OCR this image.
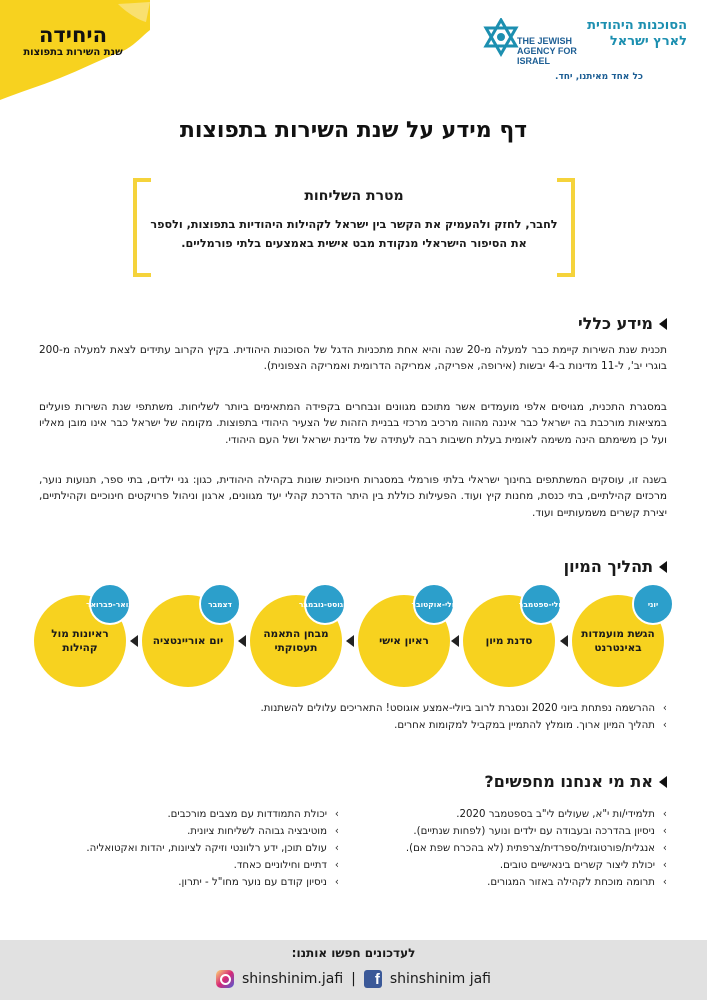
היחידה
שנת השירות בתפוצות
הסוכנות היהודית
לארץ ישראל
THE JEWISH AGENCY FOR ISRAEL
כל אחד מאיתנו, יחד.
דף מידע על שנת השירות בתפוצות
מטרת השליחות

לחבר, לחזק ולהעמיק את הקשר בין ישראל לקהילות היהודיות בתפוצות, ולספר את הסיפור הישראלי מנקודת מבט אישית באמצעים בלתי פורמליים.

מידע כללי

תכנית שנת השירות קיימת כבר למעלה מ-20 שנה והיא אחת מתכניות הדגל של הסוכנות היהודית. בקיץ הקרוב עתידים לצאת למעלה מ-200 בוגרי יב', ל-11 מדינות ב-4 יבשות (אירופה, אפריקה, אמריקה הדרומית ואמריקה הצפונית).

במסגרת התכנית, מגויסים אלפי מועמדים אשר מתוכם מגוונים ונבחרים בקפידה המתאימים ביותר לשליחות. משתתפי שנת השירות פועלים במציאות מורכבת בה ישראל כבר איננה מהווה מרכיב מרכזי בבניית הזהות של הצעיר היהודי בתפוצות. מקומה של ישראל כבר אינו מובן מאליו ועל כן משימתם הינה משימה לאומית בעלת חשיבות רבה לעתידה של מדינת ישראל ושל העם היהודי.

בשנה זו, עוסקים המשתתפים בחינוך ישראלי בלתי פורמלי במסגרות חינוכיות שונות בקהילה היהודית, כגון: גני ילדים, בתי ספר, תנועות נוער, מרכזים קהילתיים, בתי כנסת, מחנות קיץ ועוד. הפעילות כוללת בין היתר הדרכת קהלי יעד מגוונים, ארגון וניהול פרויקטים חינוכיים וקהילתיים, יצירת קשרים משמעותיים ועוד.

תהליך המיון
הגשת מועמדות באינטרנט
יוני
סדנת מיון
יולי-ספטמבר
ראיון אישי
יולי-אוקטובר
מבחן התאמה תעסוקתי
אוגוסט-נובמבר
יום אוריינטציה
דצמבר
ראיונות מול קהילות
ינואר-פברואר
› ההרשמה נפתחת ביוני 2020 ונסגרת לרוב ביולי-אמצע אוגוסט! התאריכים עלולים להשתנות.
› תהליך המיון ארוך. מומלץ להתמיין במקביל למקומות אחרים.
את מי אנחנו מחפשים?
› תלמידי/ות י"א, שעולים לי"ב בספטמבר 2020.
› ניסיון בהדרכה ובעבודה עם ילדים ונוער (לפחות שנתיים).
› אנגלית/פורטוגזית/ספרדית/צרפתית (לא בהכרח שפת אם).
› יכולת ליצור קשרים בינאישיים טובים.
› תרומה מוכחת לקהילה באזור המגורים.
› יכולת התמודדות עם מצבים מורכבים.
› מוטיבציה גבוהה לשליחות ציונית.
› עולם תוכן, ידע רלוונטי וזיקה לציונות, יהדות ואקטואליה.
› דתיים וחילוניים כאחד.
› ניסיון קודם עם נוער מחו"ל - יתרון.
לעדכונים חפשו אותנו:
shinshinim.jafi |	f shinshinim jafi
